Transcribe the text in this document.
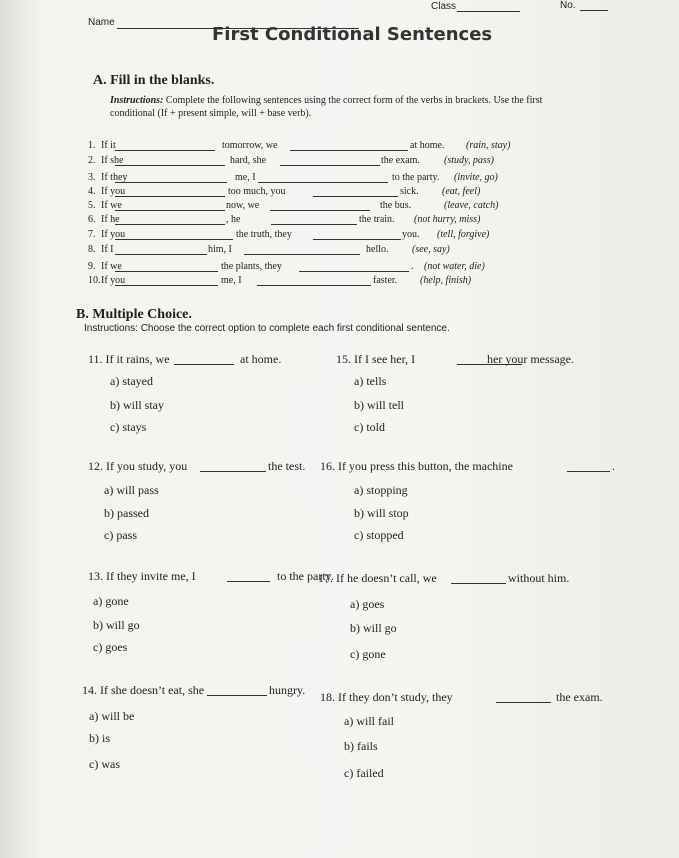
Name
Class	No.
First Conditional Sentences
A. Fill in the blanks.
Instructions: Complete the following sentences using the correct form of the verbs in brackets. Use the first
conditional (If + present simple, will + base verb).
1. If it	tomorrow, we	at home. (rain, stay)
2. If she	hard, she	the exam. (study, pass)
3. If they	me, I	to the party. (invite, go)
4. If you	too much, you	sick. (eat, feel)
5. If we	now, we	the bus.	(leave, catch)
6. If he	, he	the train. (not hurry, miss)
7. If you	the truth, they	you. (tell, forgive)
8. If I	him, I	hello. (see, say)
9. If we	the plants, they	. (not water, die)
10. If you	me, I	faster. (help, finish)
B. Multiple Choice.
Instructions: Choose the correct option to complete each first conditional sentence.
11. If it rains, we	at home.
a) stayed
b) will stay
c) stays
12. If you study, you	the test.
a) will pass
b) passed
c) pass
13. If they invite me, I	to the party.
a) gone
b) will go
c) goes
14. If she doesn’t eat, she	hungry.
a) will be
b) is
c) was
15. If I see her, I	her your message.
a) tells
b) will tell
c) told
16. If you press this button, the machine	.
a) stopping
b) will stop
c) stopped
17. If he doesn’t call, we	without him.
a) goes
b) will go
c) gone
18. If they don’t study, they	the exam.
a) will fail
b) fails
c) failed
